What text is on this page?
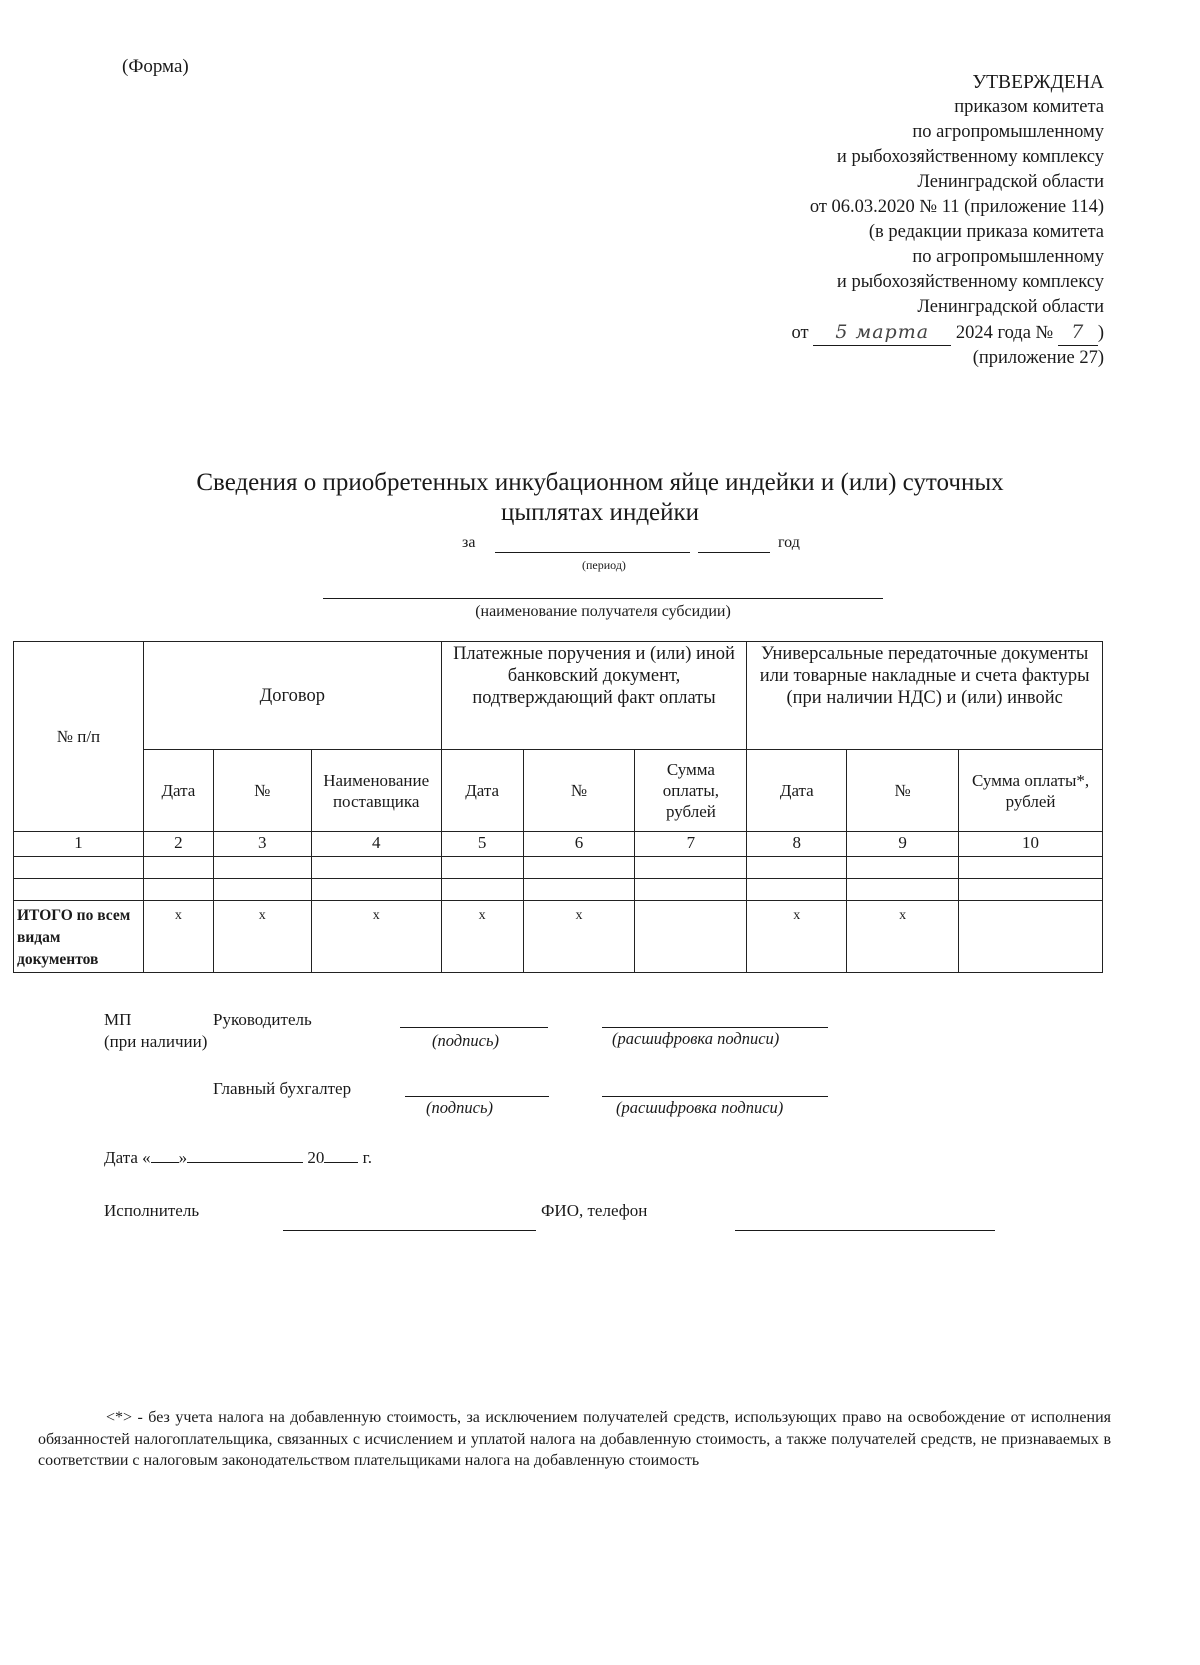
(Форма)
УТВЕРЖДЕНА
приказом комитета
по агропромышленному
и рыбохозяйственному комплексу
Ленинградской области
от 06.03.2020 № 11 (приложение 114)
(в редакции приказа комитета
по агропромышленному
и рыбохозяйственному комплексу
Ленинградской области
от 5 марта 2024 года № 7 )
(приложение 27)
Сведения о приобретенных инкубационном яйце индейки и (или) суточных
цыплятах индейки
за	год
(период)
(наименование получателя субсидии)
№ п/п	Договор			Платежные поручения и (или) иной банковский документ, подтверждающий факт оплаты			Универсальные передаточные документы или товарные накладные и счета фактуры (при наличии НДС) и (или) инвойс		
	Дата	№	Наименование поставщика	Дата	№	Сумма оплаты, рублей	Дата	№	Сумма оплаты*, рублей
1	2	3	4	5	6	7	8	9	10

ИТОГО по всем видам документов	х	х	х	х	х		х	х	
МП
(при наличии)
Руководитель
(подпись)	(расшифровка подписи)
Главный бухгалтер
(подпись)	(расшифровка подписи)
Дата « »	20 г.
Исполнитель	ФИО, телефон
<*> - без учета налога на добавленную стоимость, за исключением получателей средств, использующих право на освобождение от исполнения обязанностей налогоплательщика, связанных с исчислением и уплатой налога на добавленную стоимость, а также получателей средств, не признаваемых в соответствии с налоговым законодательством плательщиками налога на добавленную стоимость
